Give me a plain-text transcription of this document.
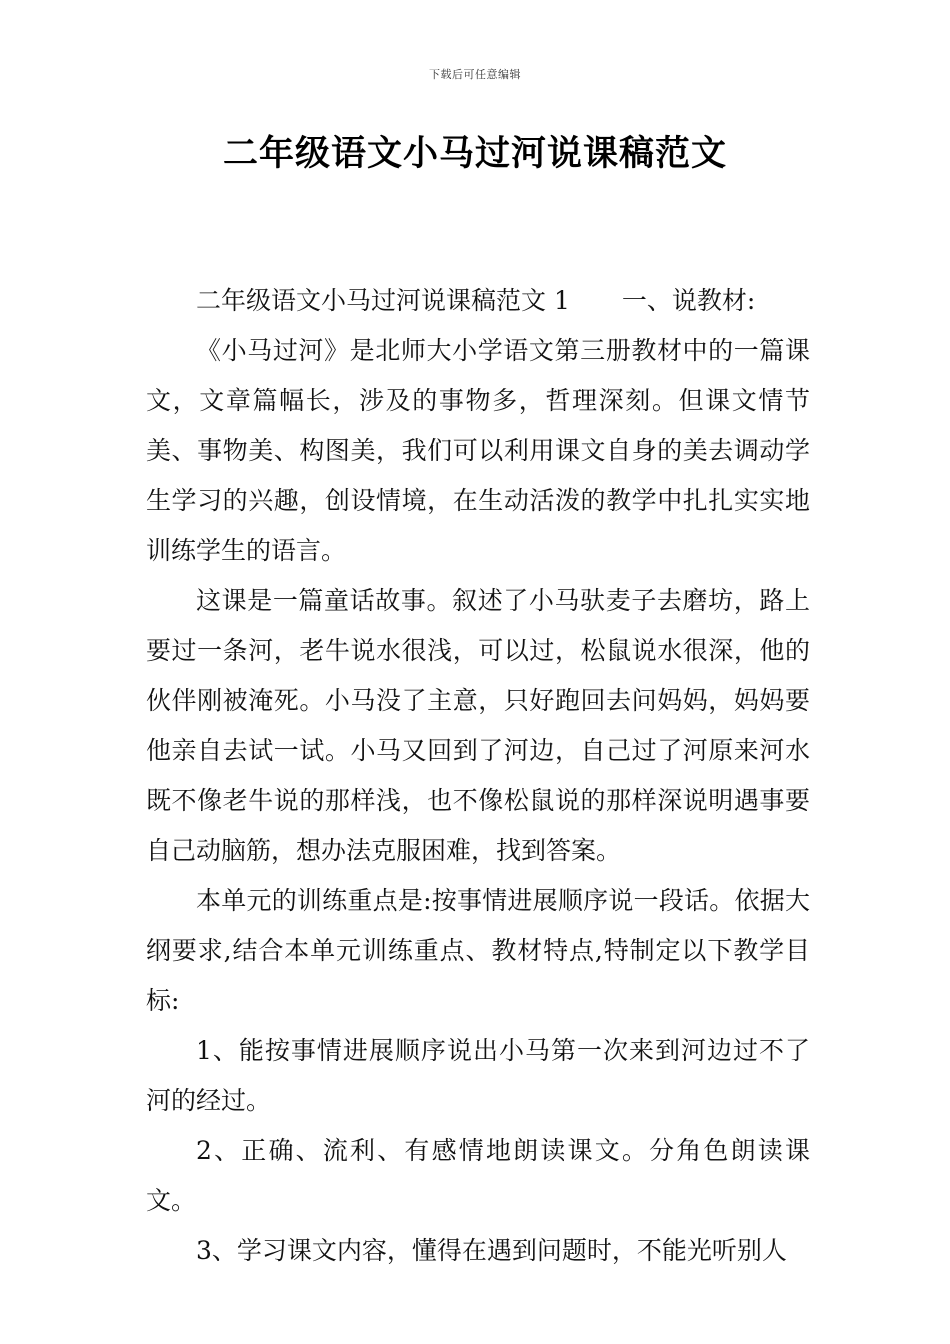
下载后可任意编辑
二年级语文小马过河说课稿范文

二年级语文小马过河说课稿范文 1 一、说教材:

《小马过河》是北师大小学语文第三册教材中的一篇课文，文章篇幅长，涉及的事物多，哲理深刻。但课文情节美、事物美、构图美，我们可以利用课文自身的美去调动学生学习的兴趣，创设情境，在生动活泼的教学中扎扎实实地训练学生的语言。

这课是一篇童话故事。叙述了小马驮麦子去磨坊，路上要过一条河，老牛说水很浅，可以过，松鼠说水很深，他的伙伴刚被淹死。小马没了主意，只好跑回去问妈妈，妈妈要他亲自去试一试。小马又回到了河边，自己过了河原来河水既不像老牛说的那样浅，也不像松鼠说的那样深说明遇事要自己动脑筋，想办法克服困难，找到答案。

本单元的训练重点是:按事情进展顺序说一段话。依据大纲要求,结合本单元训练重点、教材特点,特制定以下教学目标:

1、能按事情进展顺序说出小马第一次来到河边过不了河的经过。

2、正确、流利、有感情地朗读课文。分角色朗读课文。

3、学习课文内容，懂得在遇到问题时，不能光听别人
